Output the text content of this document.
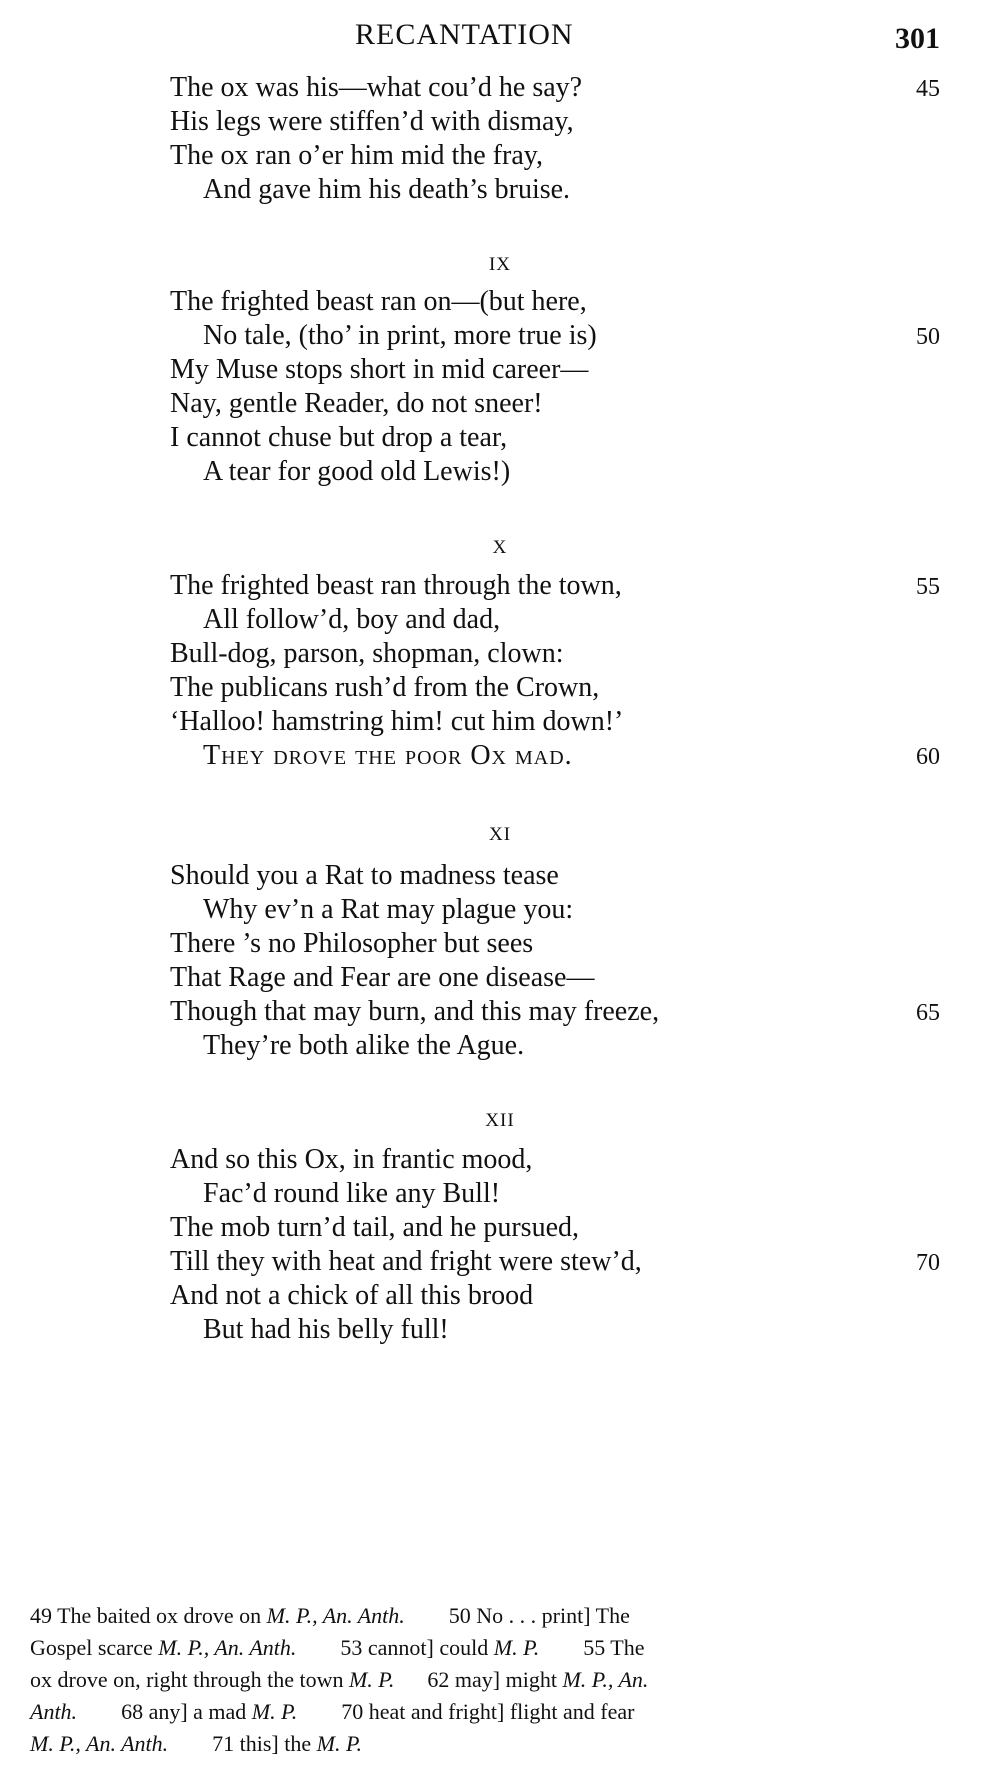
RECANTATION	301
The ox was his—what cou’d he say?	45
His legs were stiffen’d with dismay,
The ox ran o’er him mid the fray,
And gave him his death’s bruise.
IX
The frighted beast ran on—(but here,
No tale, (tho’ in print, more true is)	50
My Muse stops short in mid career—
Nay, gentle Reader, do not sneer!
I cannot chuse but drop a tear,
A tear for good old Lewis!)
X
The frighted beast ran through the town,	55
All follow’d, boy and dad,
Bull-dog, parson, shopman, clown:
The publicans rush’d from the Crown,
‘Halloo! hamstring him! cut him down!’
They drove the poor Ox mad.	60
XI
Should you a Rat to madness tease
Why ev’n a Rat may plague you:
There ’s no Philosopher but sees
That Rage and Fear are one disease—
Though that may burn, and this may freeze,	65
They’re both alike the Ague.
XII
And so this Ox, in frantic mood,
Fac’d round like any Bull!
The mob turn’d tail, and he pursued,
Till they with heat and fright were stew’d,	70
And not a chick of all this brood
But had his belly full!
49 The baited ox drove on M. P., An. Anth.        50 No . . . print] The
Gospel scarce M. P., An. Anth.        53 cannot] could M. P.        55 The
ox drove on, right through the town M. P.      62 may] might M. P., An.
Anth.        68 any] a mad M. P.        70 heat and fright] flight and fear
M. P., An. Anth.        71 this] the M. P.
